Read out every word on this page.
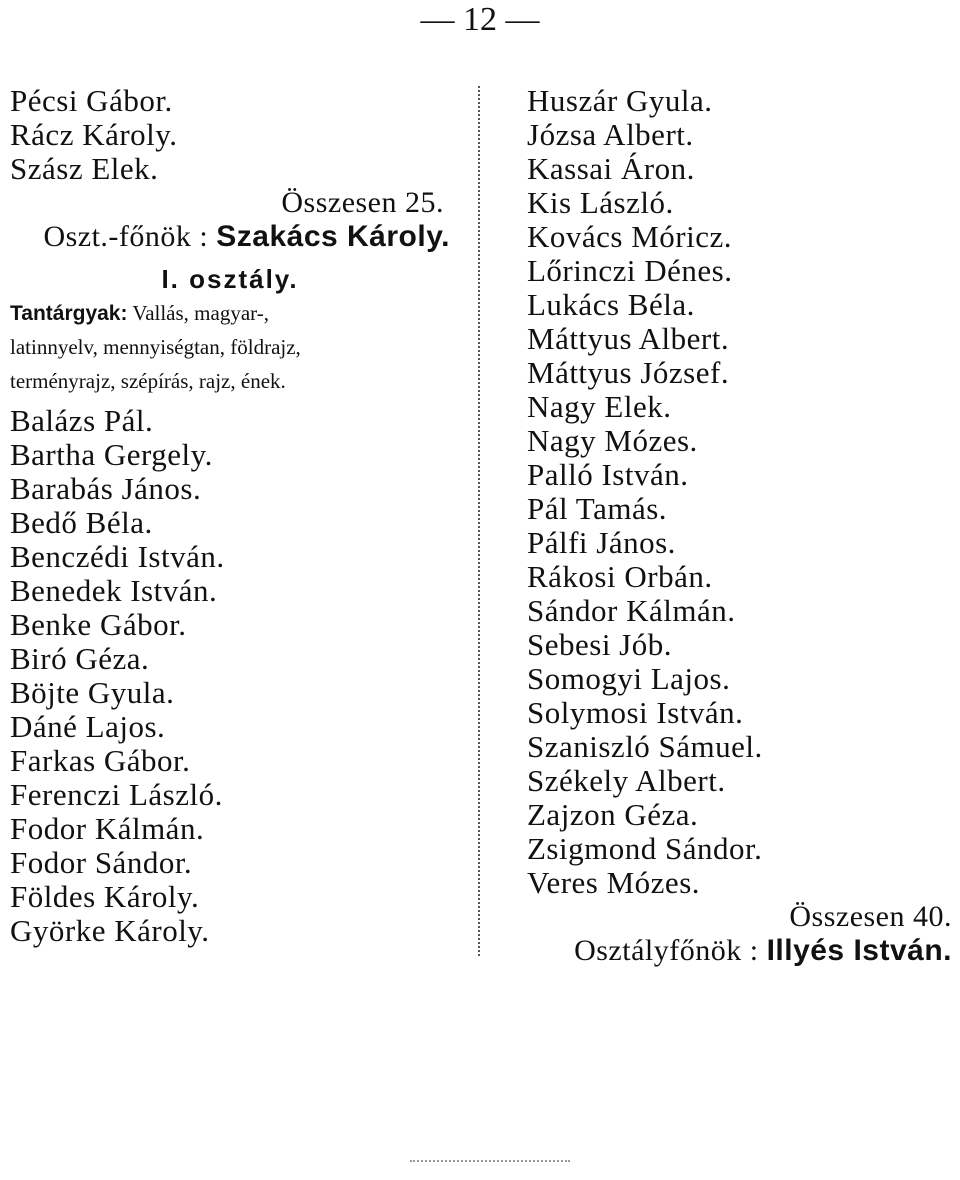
— 12 —
Pécsi Gábor.
Rácz Károly.
Szász Elek.
Összesen 25.
Oszt.-főnök : Szakács Károly.
I. osztály.
Tantárgyak: Vallás, magyar-,
latinnyelv, mennyiségtan, földrajz,
terményrajz, szépírás, rajz, ének.
Balázs Pál.
Bartha Gergely.
Barabás János.
Bedő Béla.
Benczédi István.
Benedek István.
Benke Gábor.
Biró Géza.
Böjte Gyula.
Dáné Lajos.
Farkas Gábor.
Ferenczi László.
Fodor Kálmán.
Fodor Sándor.
Földes Károly.
Györke Károly.
Huszár Gyula.
Józsa Albert.
Kassai Áron.
Kis László.
Kovács Móricz.
Lőrinczi Dénes.
Lukács Béla.
Máttyus Albert.
Máttyus József.
Nagy Elek.
Nagy Mózes.
Palló István.
Pál Tamás.
Pálfi János.
Rákosi Orbán.
Sándor Kálmán.
Sebesi Jób.
Somogyi Lajos.
Solymosi István.
Szaniszló Sámuel.
Székely Albert.
Zajzon Géza.
Zsigmond Sándor.
Veres Mózes.
Összesen 40.
Osztályfőnök : Illyés István.
